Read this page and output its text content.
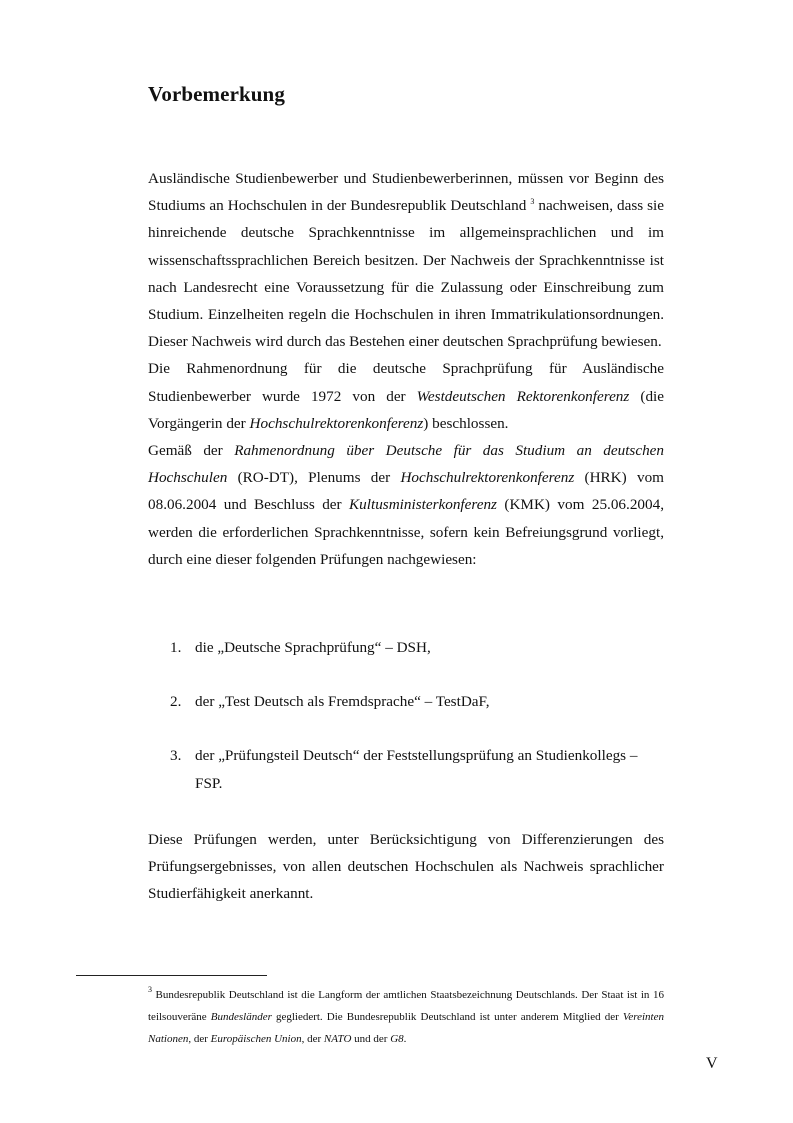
Vorbemerkung

Ausländische Studienbewerber und Studienbewerberinnen, müssen vor Beginn des Studiums an Hochschulen in der Bundesrepublik Deutschland $^3$ nachweisen, dass sie hinreichende deutsche Sprachkenntnisse im allgemeinsprachlichen und im wissenschaftssprachlichen Bereich besitzen. Der Nachweis der Sprachkenntnisse ist nach Landesrecht eine Voraussetzung für die Zulassung oder Einschreibung zum Studium. Einzelheiten regeln die Hochschulen in ihren Immatrikulationsordnungen. Dieser Nachweis wird durch das Bestehen einer deutschen Sprachprüfung bewiesen.

Die Rahmenordnung für die deutsche Sprachprüfung für Ausländische Studienbewerber wurde 1972 von der Westdeutschen Rektorenkonferenz (die Vorgängerin der Hochschulrektorenkonferenz) beschlossen.

Gemäß der Rahmenordnung über Deutsche für das Studium an deutschen Hochschulen (RO-DT), Plenums der Hochschulrektorenkonferenz (HRK) vom 08.06.2004 und Beschluss der Kultusministerkonferenz (KMK) vom 25.06.2004, werden die erforderlichen Sprachkenntnisse, sofern kein Befreiungsgrund vorliegt, durch eine dieser folgenden Prüfungen nachgewiesen:

1. die „Deutsche Sprachprüfung“ – DSH,
2. der „Test Deutsch als Fremdsprache“ – TestDaF,
3. der „Prüfungsteil Deutsch“ der Feststellungsprüfung an Studienkollegs – FSP.

Diese Prüfungen werden, unter Berücksichtigung von Differenzierungen des Prüfungsergebnisses, von allen deutschen Hochschulen als Nachweis sprachlicher Studierfähigkeit anerkannt.

$^3$ Bundesrepublik Deutschland ist die Langform der amtlichen Staatsbezeichnung Deutschlands. Der Staat ist in 16 teilsouveräne Bundesländer gegliedert. Die Bundesrepublik Deutschland ist unter anderem Mitglied der Vereinten Nationen, der Europäischen Union, der NATO und der G8.
V
